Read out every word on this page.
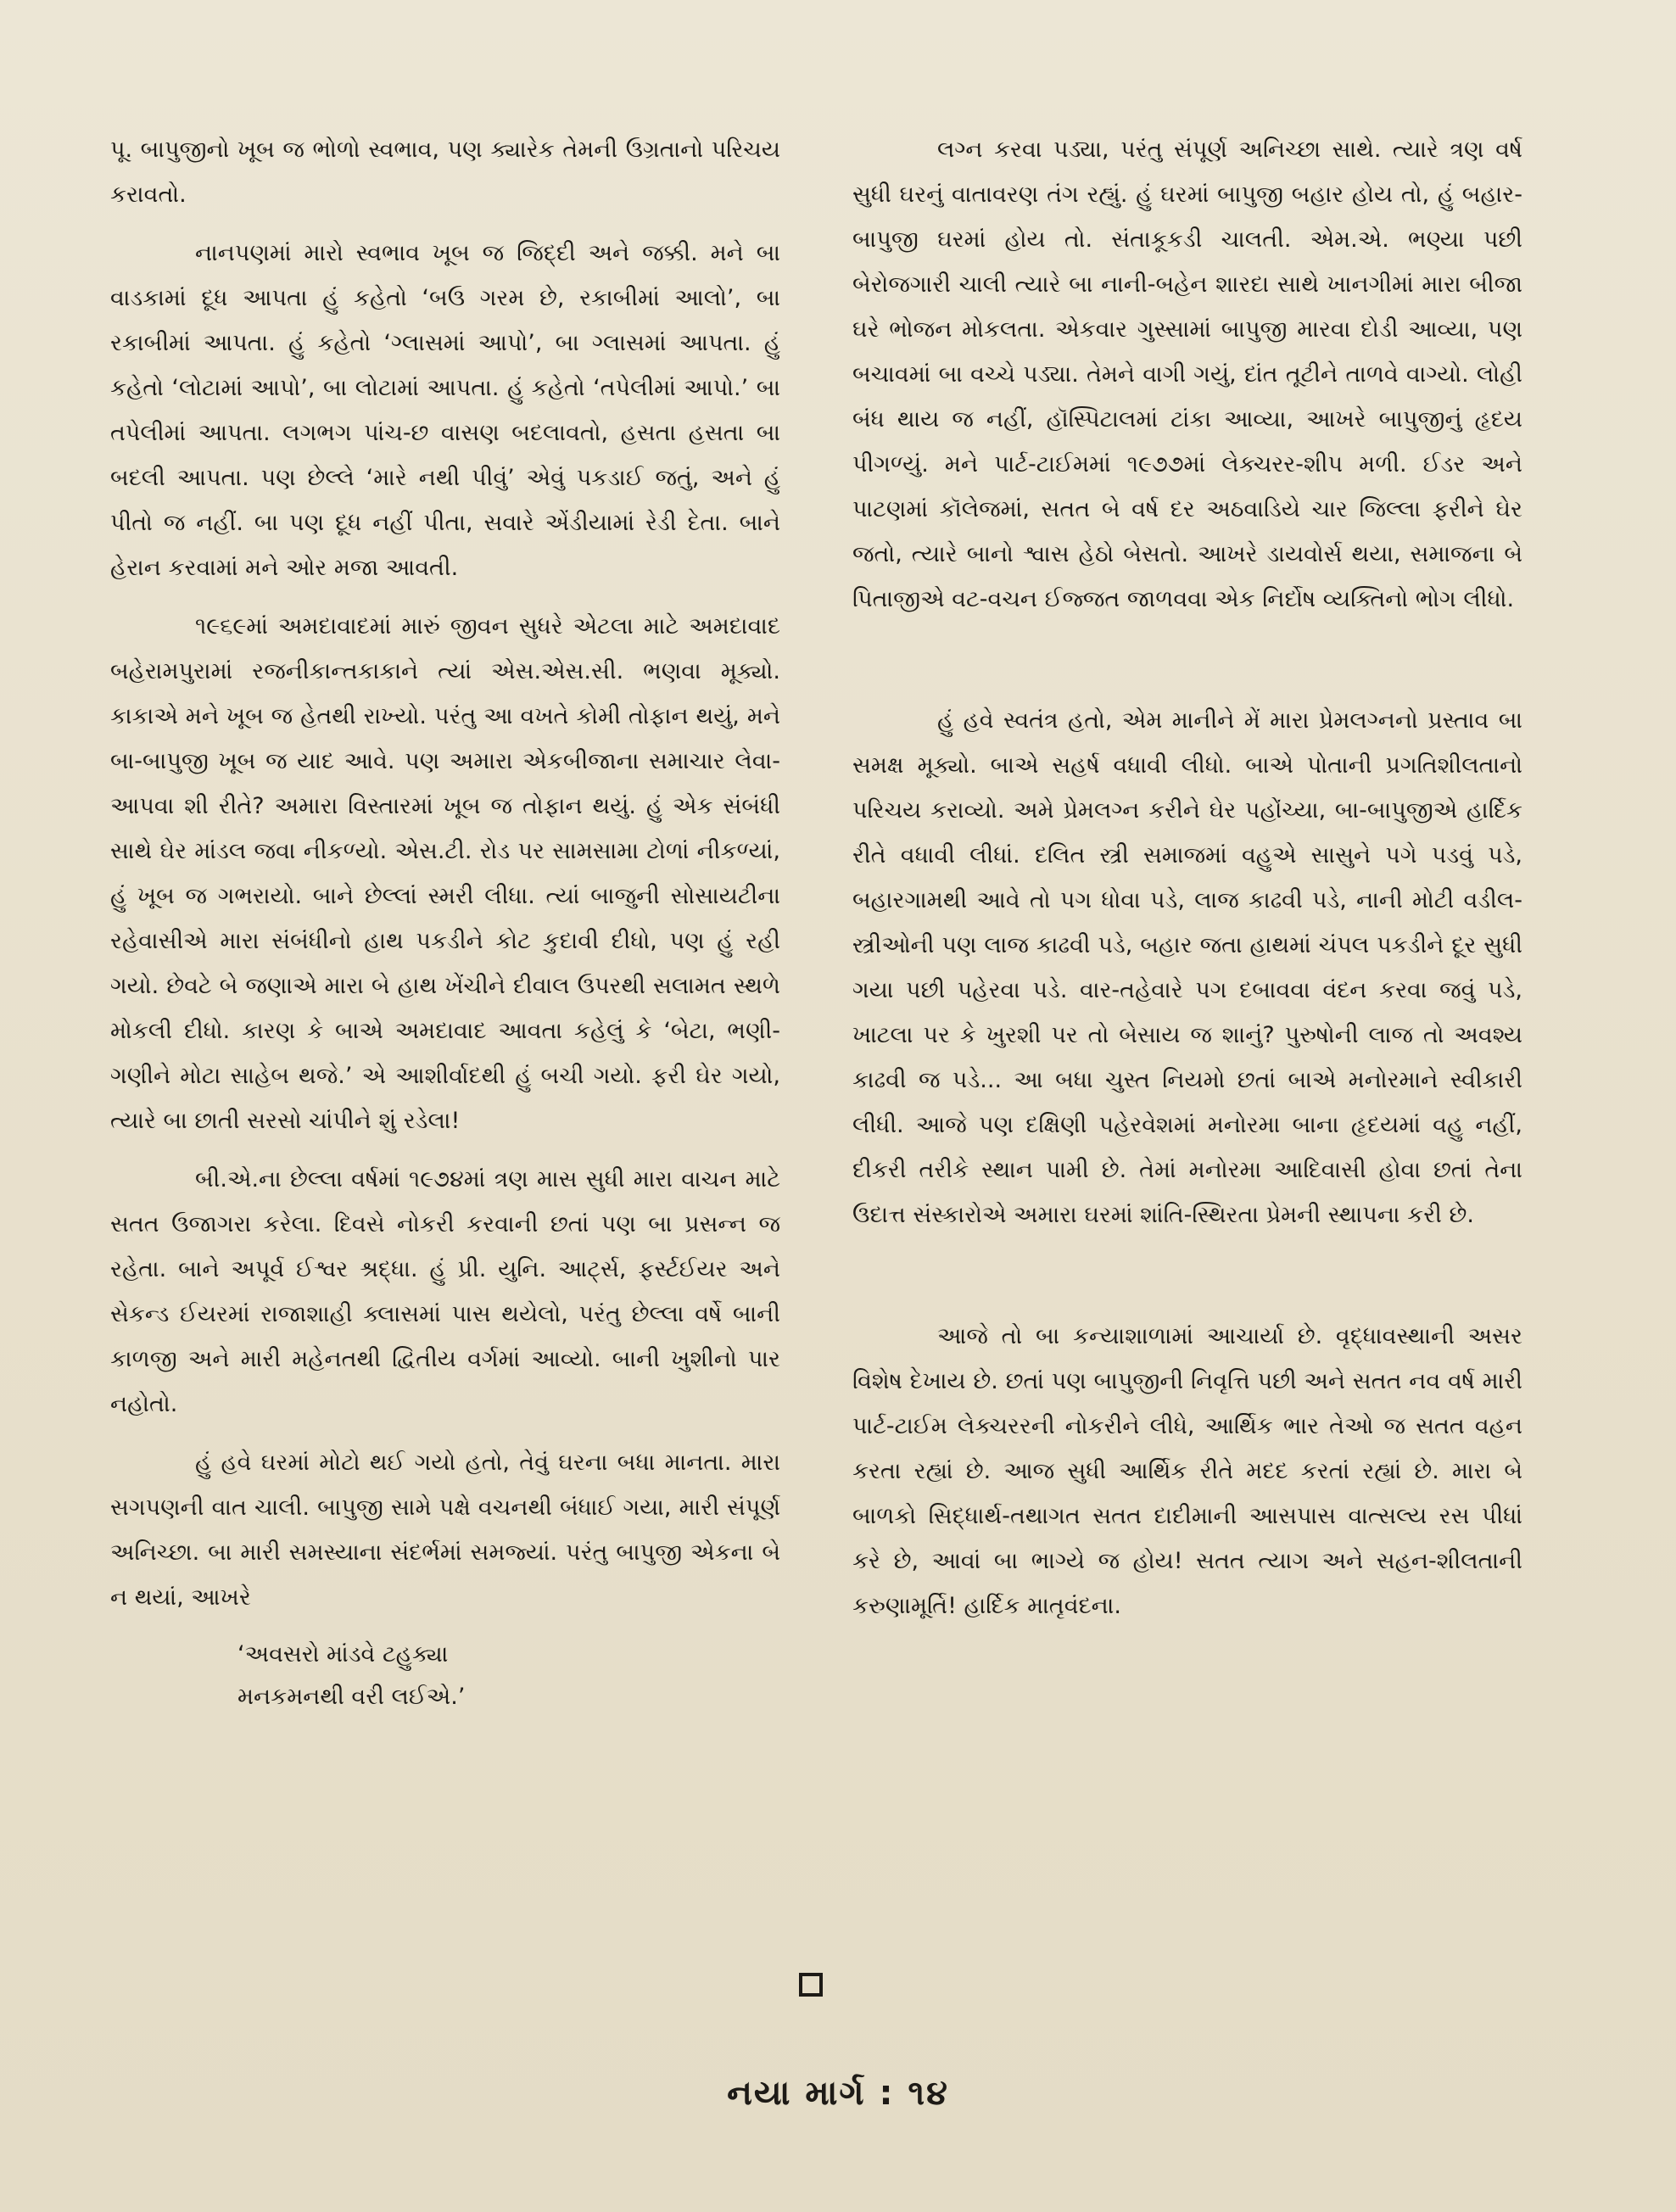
પૂ. બાપુજીનો ખૂબ જ ભોળો સ્વભાવ, પણ ક્યારેક તેમની ઉગ્રતાનો પરિચય કરાવતો.

નાનપણમાં મારો સ્વભાવ ખૂબ જ જિદ્દી અને જક્કી. મને બા વાડકામાં દૂધ આપતા હું કહેતો ‘બઉ ગરમ છે, રકાબીમાં આલો’, બા રકાબીમાં આપતા. હું કહેતો ‘ગ્લાસમાં આપો’, બા ગ્લાસમાં આપતા. હું કહેતો ‘લોટામાં આપો’, બા લોટામાં આપતા. હું કહેતો ‘તપેલીમાં આપો.’ બા તપેલીમાં આપતા. લગભગ પાંચ-છ વાસણ બદલાવતો, હસતા હસતા બા બદલી આપતા. પણ છેલ્લે ‘મારે નથી પીવું’ એવું પકડાઈ જતું, અને હું પીતો જ નહીં. બા પણ દૂધ નહીં પીતા, સવારે એંડીયામાં રેડી દેતા. બાને હેરાન કરવામાં મને ઓર મજા આવતી.

૧૯૬૯માં અમદાવાદમાં મારું જીવન સુધરે એટલા માટે અમદાવાદ બહેરામપુરામાં રજનીકાન્તકાકાને ત્યાં એસ.એસ.સી. ભણવા મૂક્યો. કાકાએ મને ખૂબ જ હેતથી રાખ્યો. પરંતુ આ વખતે કોમી તોફાન થયું, મને બા-બાપુજી ખૂબ જ યાદ આવે. પણ અમારા એકબીજાના સમાચાર લેવા-આપવા શી રીતે? અમારા વિસ્તારમાં ખૂબ જ તોફાન થયું. હું એક સંબંધી સાથે ઘેર માંડલ જવા નીકળ્યો. એસ.ટી. રોડ પર સામસામા ટોળાં નીકળ્યાં, હું ખૂબ જ ગભરાયો. બાને છેલ્લાં સ્મરી લીધા. ત્યાં બાજુની સોસાયટીના રહેવાસીએ મારા સંબંધીનો હાથ પકડીને કોટ કુદાવી દીધો, પણ હું રહી ગયો. છેવટે બે જણાએ મારા બે હાથ ખેંચીને દીવાલ ઉપરથી સલામત સ્થળે મોકલી દીધો. કારણ કે બાએ અમદાવાદ આવતા કહેલું કે ‘બેટા, ભણી-ગણીને મોટા સાહેબ થજે.’ એ આશીર્વાદથી હું બચી ગયો. ફરી ઘેર ગયો, ત્યારે બા છાતી સરસો ચાંપીને શું રડેલા!

બી.એ.ના છેલ્લા વર્ષમાં ૧૯૭૪માં ત્રણ માસ સુધી મારા વાચન માટે સતત ઉજાગરા કરેલા. દિવસે નોકરી કરવાની છતાં પણ બા પ્રસન્ન જ રહેતા. બાને અપૂર્વ ઈશ્વર શ્રદ્ધા. હું પ્રી. યુનિ. આર્ટ્સ, ફર્સ્ટઈયર અને સેકન્ડ ઈયરમાં રાજાશાહી ક્લાસમાં પાસ થયેલો, પરંતુ છેલ્લા વર્ષે બાની કાળજી અને મારી મહેનતથી દ્વિતીય વર્ગમાં આવ્યો. બાની ખુશીનો પાર નહોતો.

હું હવે ઘરમાં મોટો થઈ ગયો હતો, તેવું ઘરના બધા માનતા. મારા સગપણની વાત ચાલી. બાપુજી સામે પક્ષે વચનથી બંધાઈ ગયા, મારી સંપૂર્ણ અનિચ્છા. બા મારી સમસ્યાના સંદર્ભમાં સમજ્યાં. પરંતુ બાપુજી એકના બે ન થયાં, આખરે

‘અવસરો માંડવે ટહુક્યા
મનકમનથી વરી લઈએ.’

લગ્ન કરવા પડ્યા, પરંતુ સંપૂર્ણ અનિચ્છા સાથે. ત્યારે ત્રણ વર્ષ સુધી ઘરનું વાતાવરણ તંગ રહ્યું. હું ઘરમાં બાપુજી બહાર હોય તો, હું બહાર-બાપુજી ઘરમાં હોય તો. સંતાકૂકડી ચાલતી. એમ.એ. ભણ્યા પછી બેરોજગારી ચાલી ત્યારે બા નાની-બહેન શારદા સાથે ખાનગીમાં મારા બીજા ઘરે ભોજન મોકલતા. એકવાર ગુસ્સામાં બાપુજી મારવા દોડી આવ્યા, પણ બચાવમાં બા વચ્ચે પડ્યા. તેમને વાગી ગયું, દાંત તૂટીને તાળવે વાગ્યો. લોહી બંધ થાય જ નહીં, હૉસ્પિટાલમાં ટાંકા આવ્યા, આખરે બાપુજીનું હૃદય પીગળ્યું. મને પાર્ટ-ટાઈમમાં ૧૯૭૭માં લેક્ચરર-શીપ મળી. ઈડર અને પાટણમાં કૉલેજમાં, સતત બે વર્ષ દર અઠવાડિયે ચાર જિલ્લા ફરીને ઘેર જતો, ત્યારે બાનો શ્વાસ હેઠો બેસતો. આખરે ડાયવોર્સ થયા, સમાજના બે પિતાજીએ વટ-વચન ઈજ્જત જાળવવા એક નિર્દોષ વ્યક્તિનો ભોગ લીધો.

હું હવે સ્વતંત્ર હતો, એમ માનીને મેં મારા પ્રેમલગ્નનો પ્રસ્તાવ બા સમક્ષ મૂક્યો. બાએ સહર્ષ વધાવી લીધો. બાએ પોતાની પ્રગતિશીલતાનો પરિચય કરાવ્યો. અમે પ્રેમલગ્ન કરીને ઘેર પહોંચ્યા, બા-બાપુજીએ હાર્દિક રીતે વધાવી લીધાં. દલિત સ્ત્રી સમાજમાં વહુએ સાસુને પગે પડવું પડે, બહારગામથી આવે તો પગ ધોવા પડે, લાજ કાઢવી પડે, નાની મોટી વડીલ-સ્ત્રીઓની પણ લાજ કાઢવી પડે, બહાર જતા હાથમાં ચંપલ પકડીને દૂર સુધી ગયા પછી પહેરવા પડે. વાર-તહેવારે પગ દબાવવા વંદન કરવા જવું પડે, ખાટલા પર કે ખુરશી પર તો બેસાય જ શાનું? પુરુષોની લાજ તો અવશ્ય કાઢવી જ પડે... આ બધા ચુસ્ત નિયમો છતાં બાએ મનોરમાને સ્વીકારી લીધી. આજે પણ દક્ષિણી પહેરવેશમાં મનોરમા બાના હૃદયમાં વહુ નહીં, દીકરી તરીકે સ્થાન પામી છે. તેમાં મનોરમા આદિવાસી હોવા છતાં તેના ઉદાત્ત સંસ્કારોએ અમારા ઘરમાં શાંતિ-સ્થિરતા પ્રેમની સ્થાપના કરી છે.

આજે તો બા કન્યાશાળામાં આચાર્યા છે. વૃદ્ધાવસ્થાની અસર વિશેષ દેખાય છે. છતાં પણ બાપુજીની નિવૃત્તિ પછી અને સતત નવ વર્ષ મારી પાર્ટ-ટાઈમ લેક્ચરરની નોકરીને લીધે, આર્થિક ભાર તેઓ જ સતત વહન કરતા રહ્યાં છે. આજ સુધી આર્થિક રીતે મદદ કરતાં રહ્યાં છે. મારા બે બાળકો સિદ્ધાર્થ-તથાગત સતત દાદીમાની આસપાસ વાત્સલ્ય રસ પીધાં કરે છે, આવાં બા ભાગ્યે જ હોય! સતત ત્યાગ અને સહન-શીલતાની કરુણામૂર્તિ! હાર્દિક માતૃવંદના.

નયા માર્ગ : ૧૪
